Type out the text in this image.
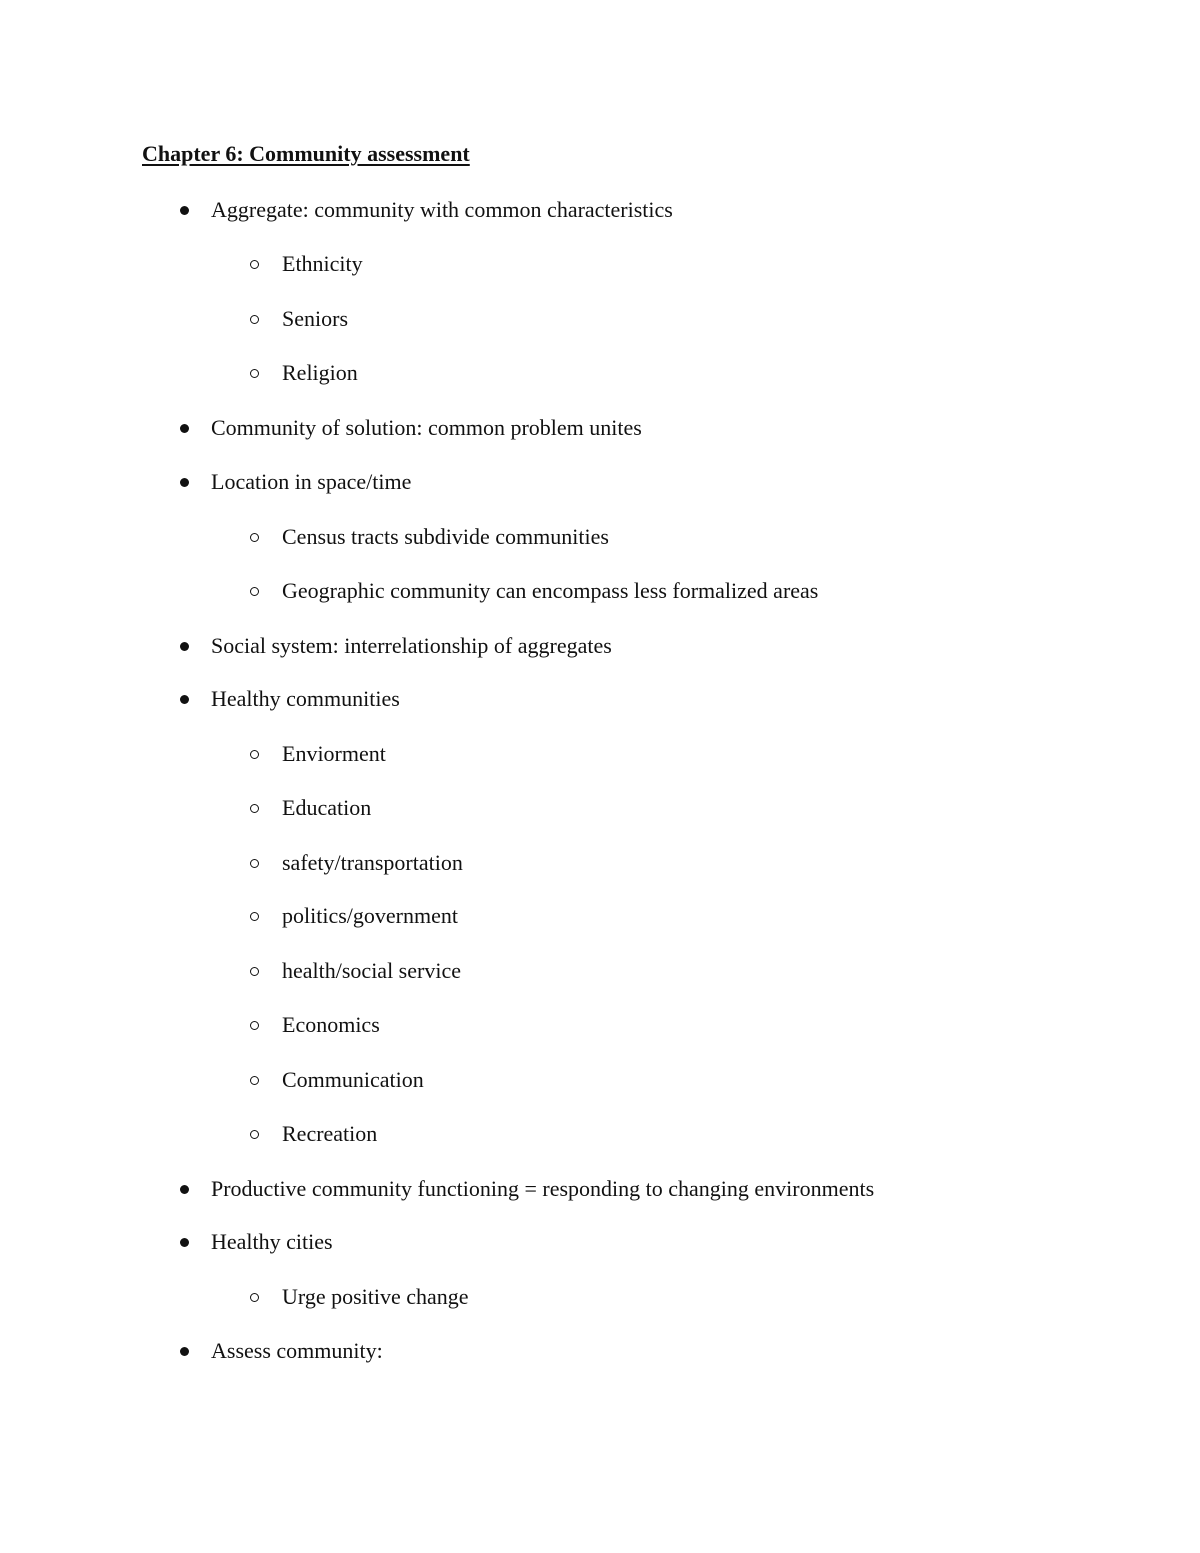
Chapter 6: Community assessment
Aggregate: community with common characteristics
Ethnicity
Seniors
Religion
Community of solution: common problem unites
Location in space/time
Census tracts subdivide communities
Geographic community can encompass less formalized areas
Social system: interrelationship of aggregates
Healthy communities
Enviorment
Education
safety/transportation
politics/government
health/social service
Economics
Communication
Recreation
Productive community functioning = responding to changing environments
Healthy cities
Urge positive change
Assess community:
